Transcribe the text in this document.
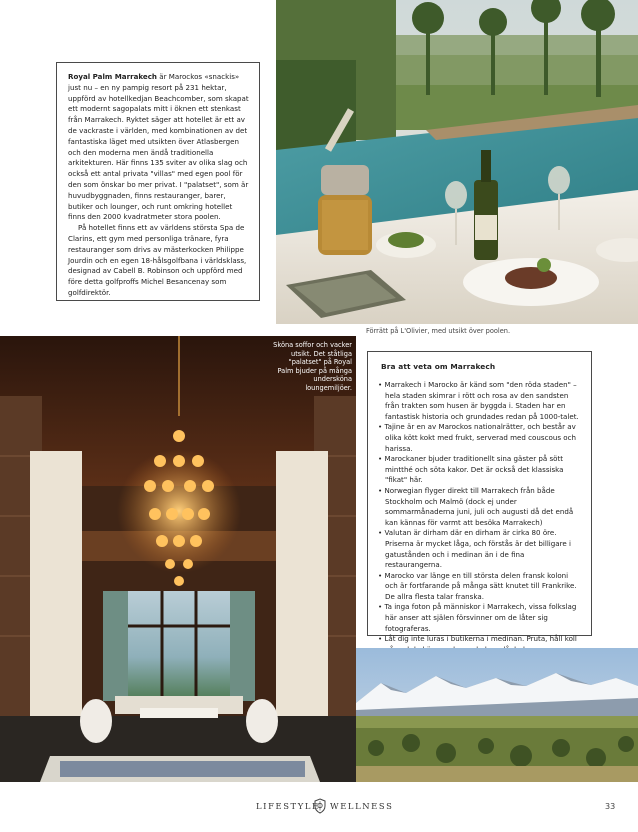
Royal Palm Marrakech är Marockos «snackis» just nu – en ny pampig resort på 231 hektar, uppförd av hotellkedjan Beachcomber, som skapat ett modernt sagopalats mitt i öknen ett stenkast från Marrakech. Ryktet säger att hotellet är ett av de vackraste i världen, med kombinationen av det fantastiska läget med utsikten över Atlasbergen och den moderna men ändå traditionella arkitekturen. Här finns 135 sviter av olika slag och också ett antal privata "villas" med egen pool för den som önskar bo mer privat. I "palatset", som är huvudbyggnaden, finns restauranger, barer, butiker och lounger, och runt omkring hotellet finns den 2000 kvadratmeter stora poolen.

På hotellet finns ett av världens största Spa de Clarins, ett gym med personliga tränare, fyra restauranger som drivs av mästerkocken Philippe Jourdin och en egen 18-hålsgolfbana i världsklass, designad av Cabell B. Robinson och uppförd med före detta golfproffs Michel Besancenay som golfdirektör.

Förrätt på L'Olivier, med utsikt över poolen.
Sköna soffor och vacker utsikt. Det ståtliga "palatset" på Royal Palm bjuder på många undersköna loungemiljöer.
Bra att veta om Marrakech
• Marrakech i Marocko är känd som "den röda staden" – hela staden skimrar i rött och rosa av den sandsten från trakten som husen är byggda i. Staden har en fantastisk historia och grundades redan på 1000-talet.
• Tajine är en av Marockos nationalrätter, och består av olika kött kokt med frukt, serverad med couscous och harissa.
• Marockaner bjuder traditionellt sina gäster på sött mintthé och söta kakor. Det är också det klassiska "fikat" här.
• Norwegian flyger direkt till Marrakech från både Stockholm och Malmö (dock ej under sommarmånaderna juni, juli och augusti då det endå kan kännas för varmt att besöka Marrakech)
• Valutan är dirham där en dirham är cirka 80 öre. Priserna är mycket låga, och förstås är det billigare i gatustånden och i medinan än i de fina restaurangerna.
• Marocko var länge en till största delen fransk koloni och är fortfarande på många sätt knutet till Frankrike. De allra flesta talar franska.
• Ta inga foton på människor i Marrakech, vissa folkslag här anser att själen försvinner om de låter sig fotograferas.
• Låt dig inte luras i butikerna i medinan. Pruta, håll koll
LIFESTYLE WELLNESS	33
